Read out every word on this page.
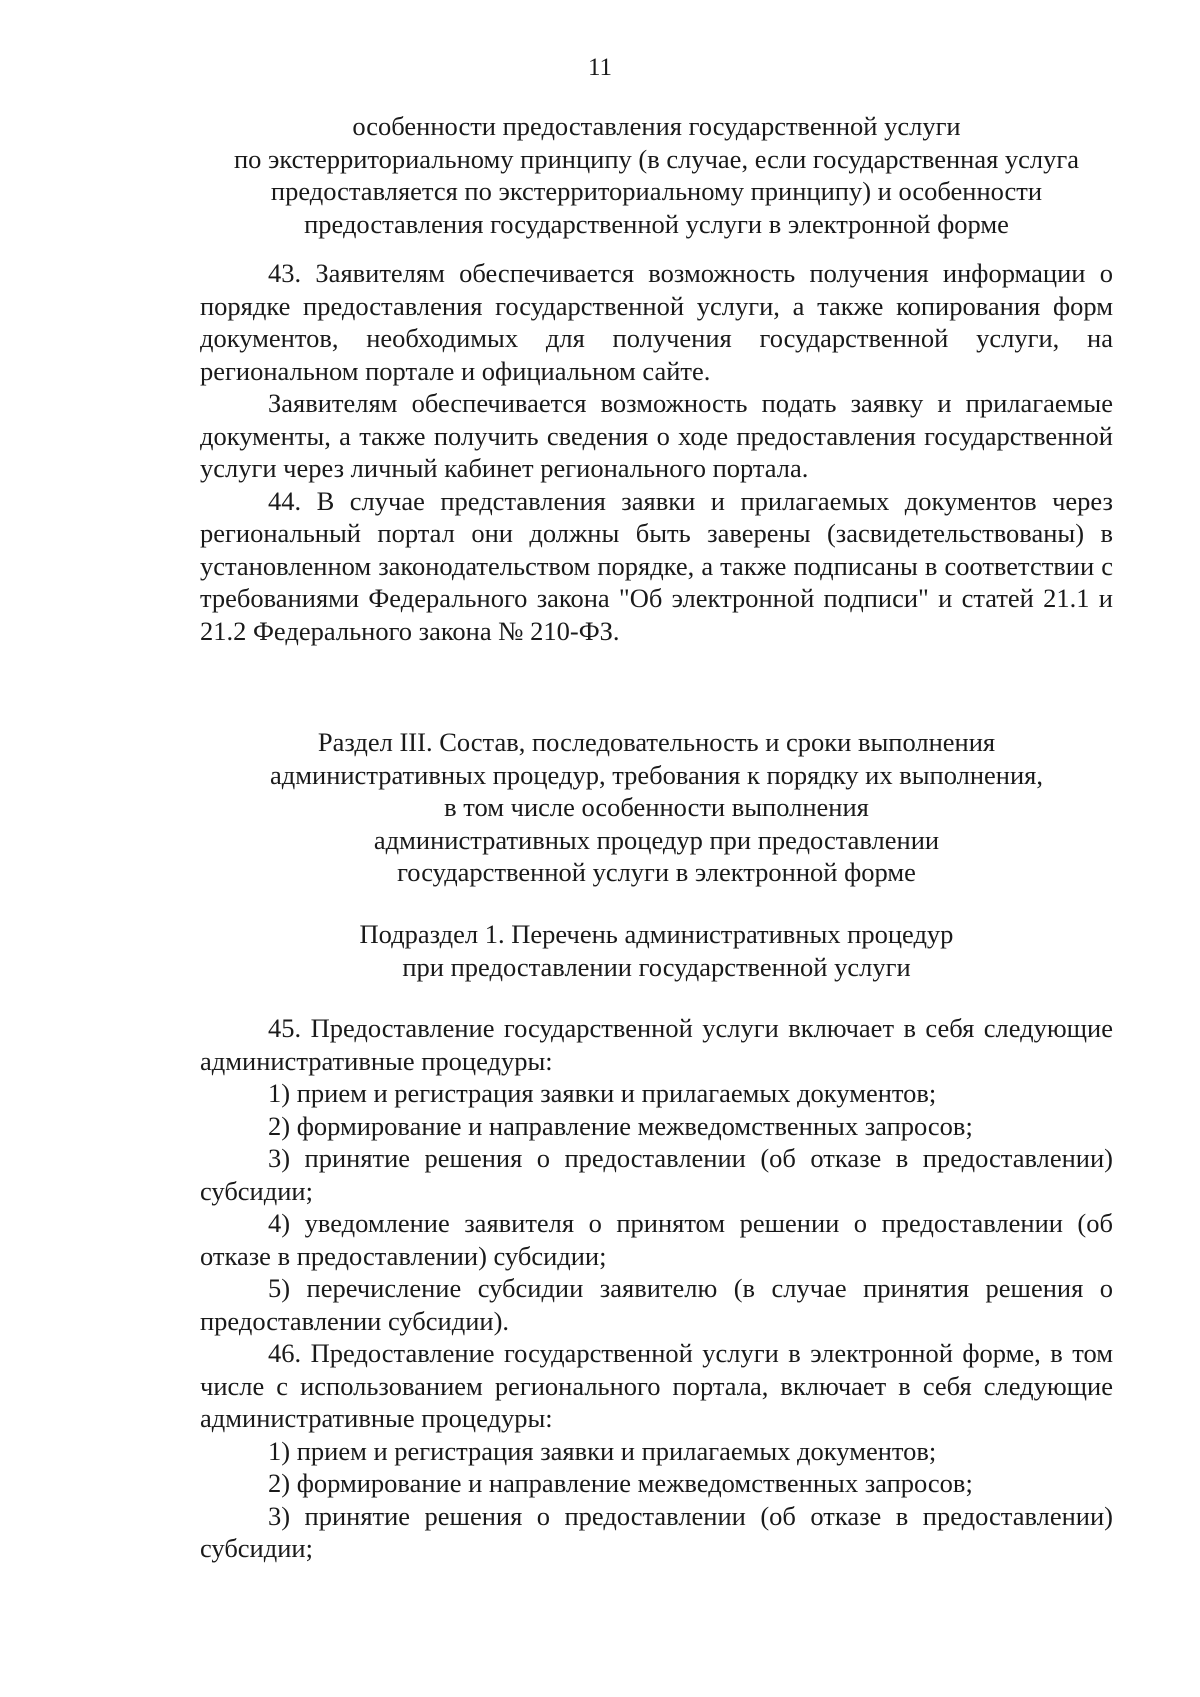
11
особенности предоставления государственной услуги
по экстерриториальному принципу (в случае, если государственная услуга
предоставляется по экстерриториальному принципу) и особенности
предоставления государственной услуги в электронной форме

43. Заявителям обеспечивается возможность получения информации о порядке предоставления государственной услуги, а также копирования форм документов, необходимых для получения государственной услуги, на региональном портале и официальном сайте.

Заявителям обеспечивается возможность подать заявку и прилагаемые документы, а также получить сведения о ходе предоставления государственной услуги через личный кабинет регионального портала.

44. В случае представления заявки и прилагаемых документов через региональный портал они должны быть заверены (засвидетельствованы) в установленном законодательством порядке, а также подписаны в соответствии с требованиями Федерального закона "Об электронной подписи" и статей 21.1 и 21.2 Федерального закона № 210-ФЗ.

Раздел III. Состав, последовательность и сроки выполнения
административных процедур, требования к порядку их выполнения,
в том числе особенности выполнения
административных процедур при предоставлении
государственной услуги в электронной форме
Подраздел 1. Перечень административных процедур
при предоставлении государственной услуги

45. Предоставление государственной услуги включает в себя следующие административные процедуры:

1) прием и регистрация заявки и прилагаемых документов;

2) формирование и направление межведомственных запросов;

3) принятие решения о предоставлении (об отказе в предоставлении) субсидии;

4) уведомление заявителя о принятом решении о предоставлении (об отказе в предоставлении) субсидии;

5) перечисление субсидии заявителю (в случае принятия решения о предоставлении субсидии).

46. Предоставление государственной услуги в электронной форме, в том числе с использованием регионального портала, включает в себя следующие административные процедуры:

1) прием и регистрация заявки и прилагаемых документов;

2) формирование и направление межведомственных запросов;

3) принятие решения о предоставлении (об отказе в предоставлении) субсидии;
